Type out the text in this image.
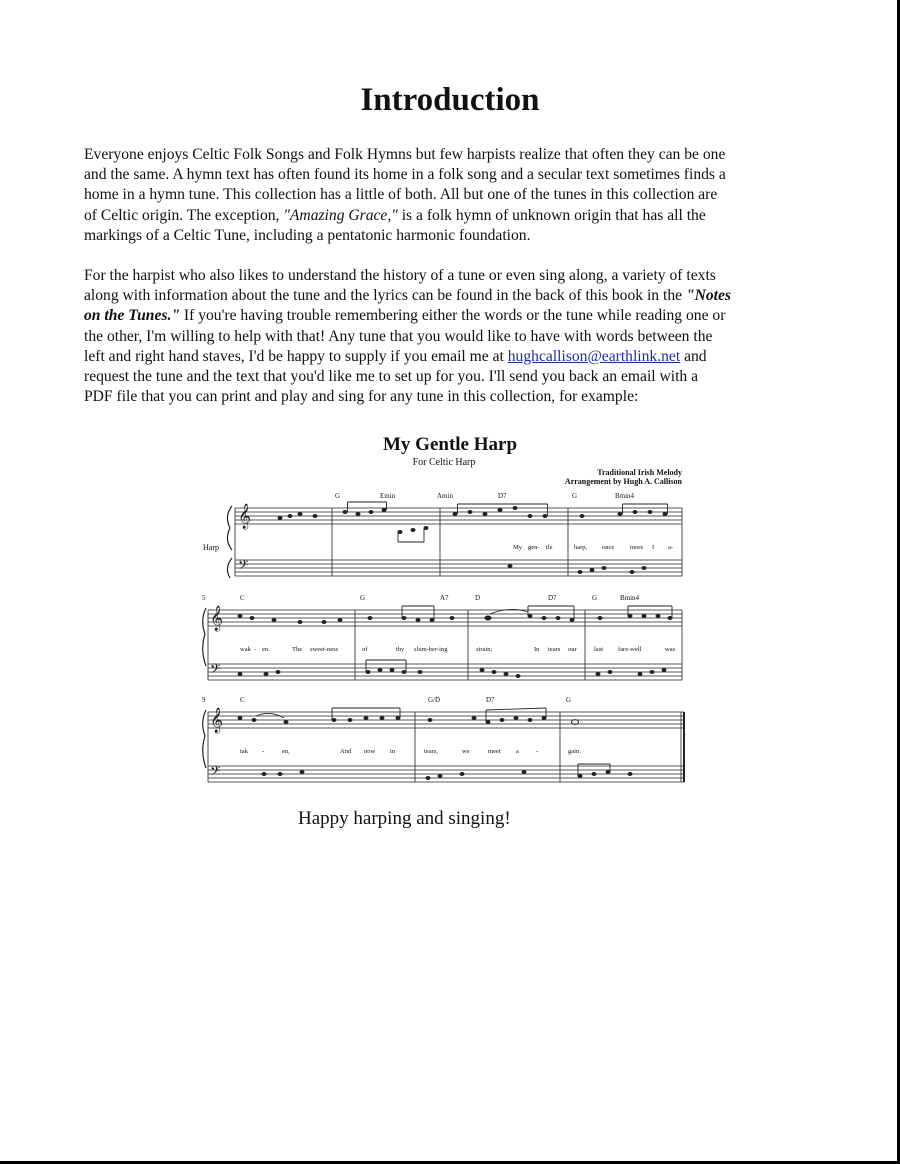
Introduction

Everyone enjoys Celtic Folk Songs and Folk Hymns but few harpists realize that often they can be one
and the same. A hymn text has often found its home in a folk song and a secular text sometimes finds a
home in a hymn tune. This collection has a little of both. All but one of the tunes in this collection are
of Celtic origin. The exception, "Amazing Grace," is a folk hymn of unknown origin that has all the
markings of a Celtic Tune, including a pentatonic harmonic foundation.

For the harpist who also likes to understand the history of a tune or even sing along, a variety of texts
along with information about the tune and the lyrics can be found in the back of this book in the "Notes
on the Tunes." If you're having trouble remembering either the words or the tune while reading one or
the other, I'm willing to help with that! Any tune that you would like to have with words between the
left and right hand staves, I'd be happy to supply if you email me at hughcallison@earthlink.net and
request the tune and the text that you'd like me to set up for you. I'll send you back an email with a
PDF file that you can print and play and sing for any tune in this collection, for example:

My Gentle Harp
For Celtic Harp
Traditional Irish Melody
Arrangement by Hugh A. Callison
Harp
G	Emin	Amin	D7	G	Bmin4
My gen- tle	harp, once more I a-
𝄞
𝄢
5	C	G	A7	D	D7	G	Bmin4
wak - en.	The sweet-ness	of	thy slum-ber-ing	strain;	In tears our	last fare-well	was
𝄞
𝄢
9	C	G/D	D7	G
tak -	en,	And now in	tears,	we	meet a	-	gain.
𝄞
𝄢
Happy harping and singing!
